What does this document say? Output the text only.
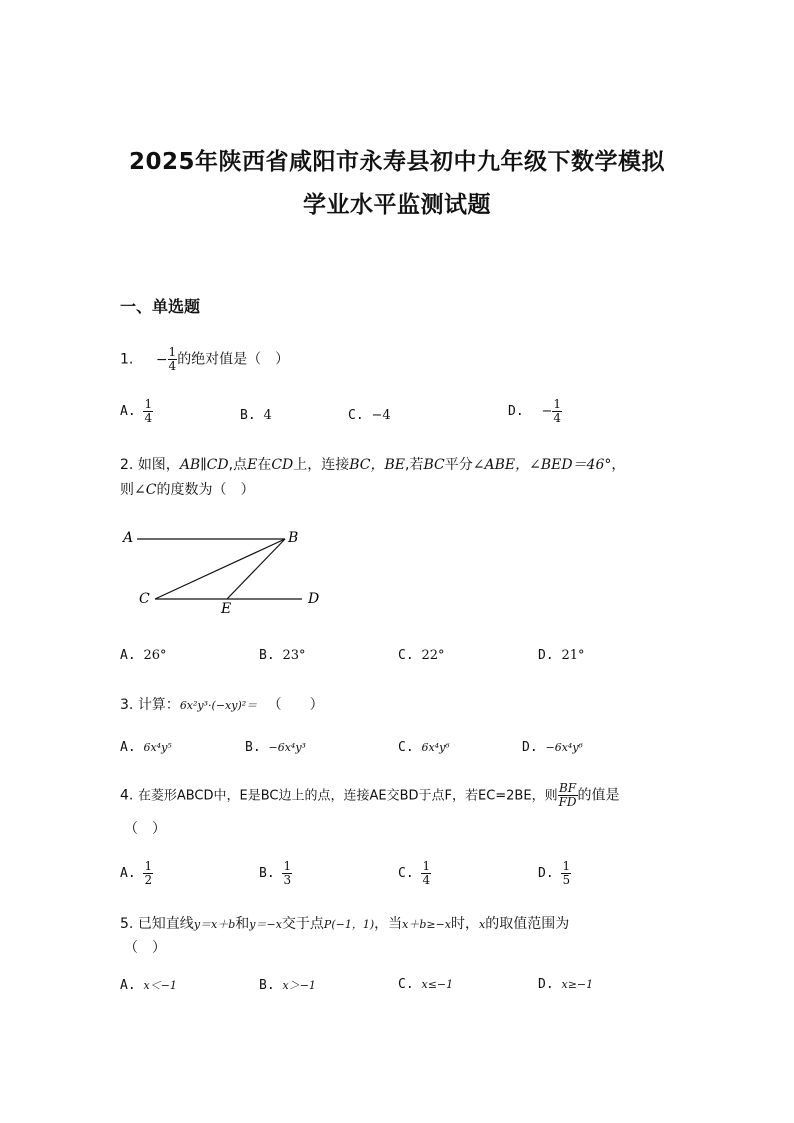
2025年陕西省咸阳市永寿县初中九年级下数学模拟
学业水平监测试题
一、单选题
1. − $\frac{1}{4}$ 的绝对值是（　）
A. $\frac{1}{4}$	B. 4	C. −4	D. − $\frac{1}{4}$
2. 如图，AB∥CD,点E在CD上，连接BC，BE,若BC平分∠ABE，∠BED＝46°，
则∠C的度数为（　）
A	B
C	D
E
A. 26°	B. 23°	C. 22°	D. 21°
3. 计算：6x²y³·(−xy)²＝ （　　）
A. 6x⁴y⁵	B. −6x⁴y³	C. 6x⁴y⁶	D. −6x⁴y⁶
4. 在菱形ABCD中，E是BC边上的点，连接AE交BD于点F，若EC=2BE，则 $\frac{BF}{FD}$ 的值是
（　）
A. $\frac{1}{2}$	B. $\frac{1}{3}$	C. $\frac{1}{4}$	D. $\frac{1}{5}$
5. 已知直线y＝x＋b和y＝−x交于点P(−1，1)，当x＋b≥−x时，x的取值范围为
（　）
A. x＜−1	B. x＞−1	C. x≤−1	D. x≥−1
